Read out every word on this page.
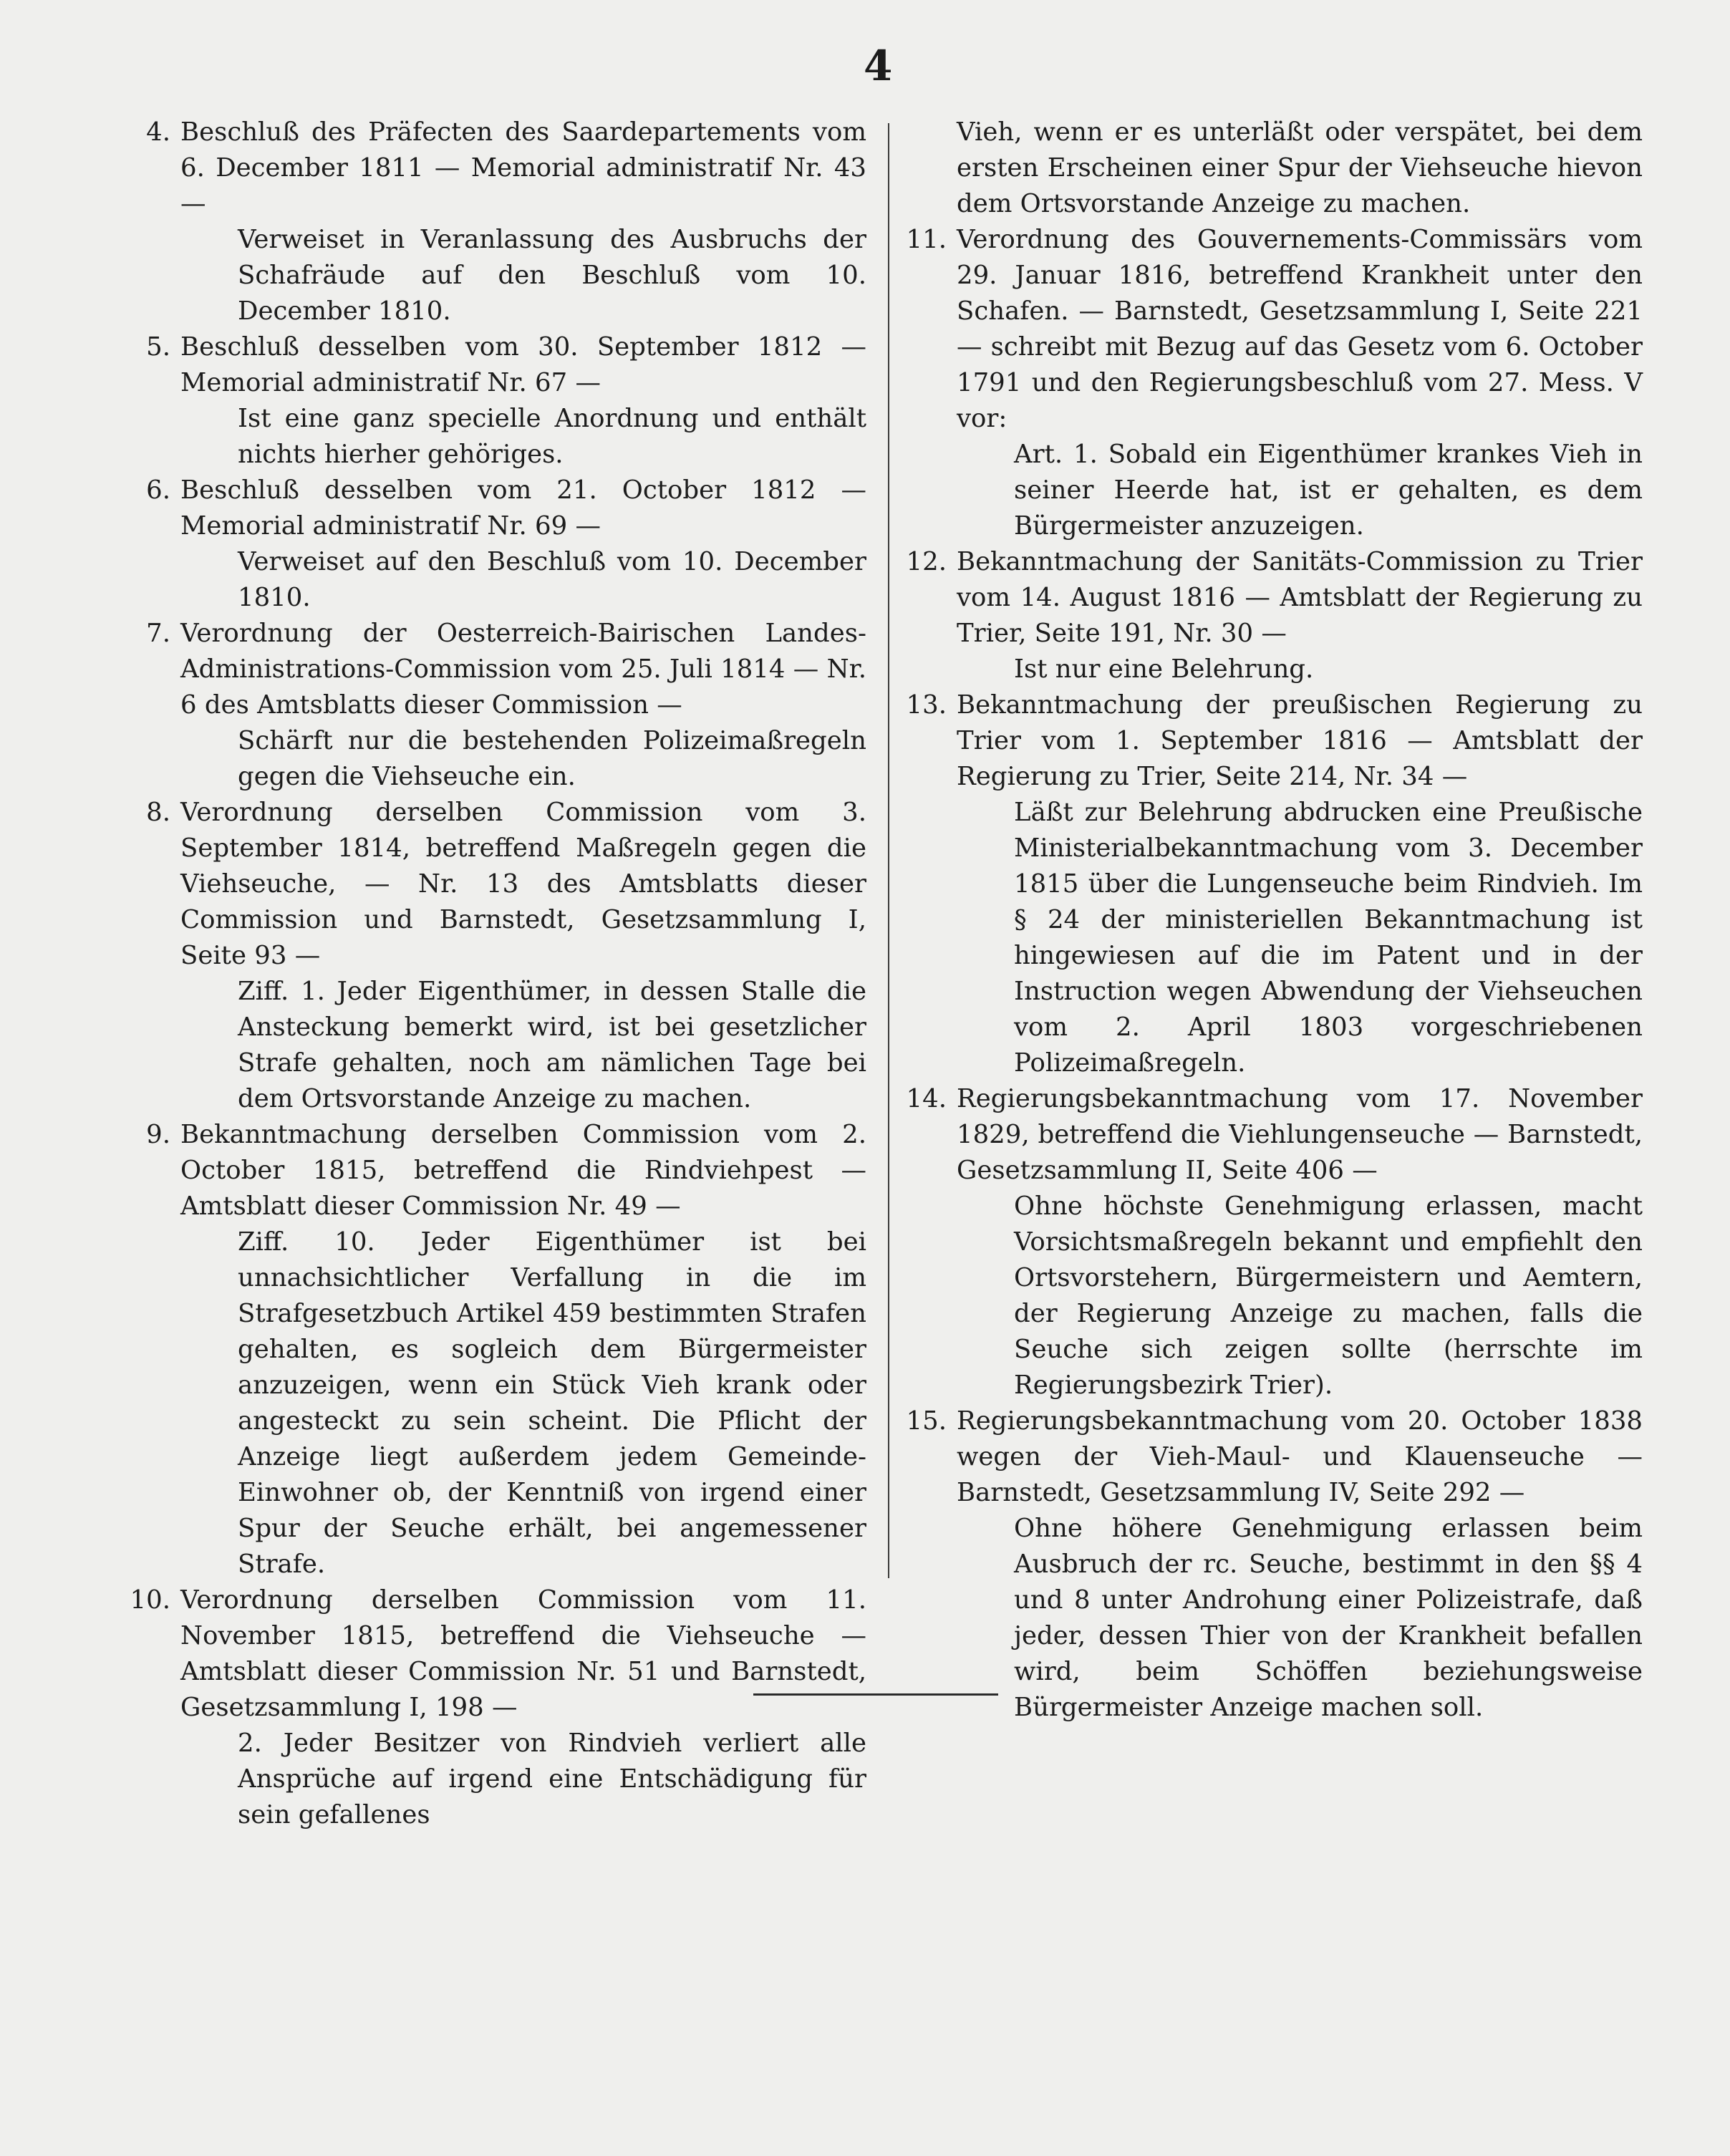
4
4. Beschluß des Präfecten des Saardepartements vom 6. December 1811 — Memorial administratif Nr. 43 —
Verweiset in Veranlassung des Ausbruchs der Schafräude auf den Beschluß vom 10. December 1810.
5. Beschluß desselben vom 30. September 1812 — Memorial administratif Nr. 67 —
Ist eine ganz specielle Anordnung und enthält nichts hierher gehöriges.
6. Beschluß desselben vom 21. October 1812 — Memorial administratif Nr. 69 —
Verweiset auf den Beschluß vom 10. December 1810.
7. Verordnung der Oesterreich-Bairischen Landes-Administrations-Commission vom 25. Juli 1814 — Nr. 6 des Amtsblatts dieser Commission —
Schärft nur die bestehenden Polizeimaßregeln gegen die Viehseuche ein.
8. Verordnung derselben Commission vom 3. September 1814, betreffend Maßregeln gegen die Viehseuche, — Nr. 13 des Amtsblatts dieser Commission und Barnstedt, Gesetzsammlung I, Seite 93 —
Ziff. 1. Jeder Eigenthümer, in dessen Stalle die Ansteckung bemerkt wird, ist bei gesetzlicher Strafe gehalten, noch am nämlichen Tage bei dem Ortsvorstande Anzeige zu machen.
9. Bekanntmachung derselben Commission vom 2. October 1815, betreffend die Rindviehpest — Amtsblatt dieser Commission Nr. 49 —
Ziff. 10. Jeder Eigenthümer ist bei unnachsichtlicher Verfallung in die im Strafgesetzbuch Artikel 459 bestimmten Strafen gehalten, es sogleich dem Bürgermeister anzuzeigen, wenn ein Stück Vieh krank oder angesteckt zu sein scheint. Die Pflicht der Anzeige liegt außerdem jedem Gemeinde-Einwohner ob, der Kenntniß von irgend einer Spur der Seuche erhält, bei angemessener Strafe.
10. Verordnung derselben Commission vom 11. November 1815, betreffend die Viehseuche — Amtsblatt dieser Commission Nr. 51 und Barnstedt, Gesetzsammlung I, 198 —
2. Jeder Besitzer von Rindvieh verliert alle Ansprüche auf irgend eine Entschädigung für sein gefallenes
Vieh, wenn er es unterläßt oder verspätet, bei dem ersten Erscheinen einer Spur der Viehseuche hievon dem Ortsvorstande Anzeige zu machen.
11. Verordnung des Gouvernements-Commissärs vom 29. Januar 1816, betreffend Krankheit unter den Schafen. — Barnstedt, Gesetzsammlung I, Seite 221 — schreibt mit Bezug auf das Gesetz vom 6. October 1791 und den Regierungsbeschluß vom 27. Mess. V vor:
Art. 1. Sobald ein Eigenthümer krankes Vieh in seiner Heerde hat, ist er gehalten, es dem Bürgermeister anzuzeigen.
12. Bekanntmachung der Sanitäts-Commission zu Trier vom 14. August 1816 — Amtsblatt der Regierung zu Trier, Seite 191, Nr. 30 —
Ist nur eine Belehrung.
13. Bekanntmachung der preußischen Regierung zu Trier vom 1. September 1816 — Amtsblatt der Regierung zu Trier, Seite 214, Nr. 34 —
Läßt zur Belehrung abdrucken eine Preußische Ministerialbekanntmachung vom 3. December 1815 über die Lungenseuche beim Rindvieh. Im § 24 der ministeriellen Bekanntmachung ist hingewiesen auf die im Patent und in der Instruction wegen Abwendung der Viehseuchen vom 2. April 1803 vorgeschriebenen Polizeimaßregeln.
14. Regierungsbekanntmachung vom 17. November 1829, betreffend die Viehlungenseuche — Barnstedt, Gesetzsammlung II, Seite 406 —
Ohne höchste Genehmigung erlassen, macht Vorsichtsmaßregeln bekannt und empfiehlt den Ortsvorstehern, Bürgermeistern und Aemtern, der Regierung Anzeige zu machen, falls die Seuche sich zeigen sollte (herrschte im Regierungsbezirk Trier).
15. Regierungsbekanntmachung vom 20. October 1838 wegen der Vieh-Maul- und Klauenseuche — Barnstedt, Gesetzsammlung IV, Seite 292 —
Ohne höhere Genehmigung erlassen beim Ausbruch der rc. Seuche, bestimmt in den §§ 4 und 8 unter Androhung einer Polizeistrafe, daß jeder, dessen Thier von der Krankheit befallen wird, beim Schöffen beziehungsweise Bürgermeister Anzeige machen soll.
